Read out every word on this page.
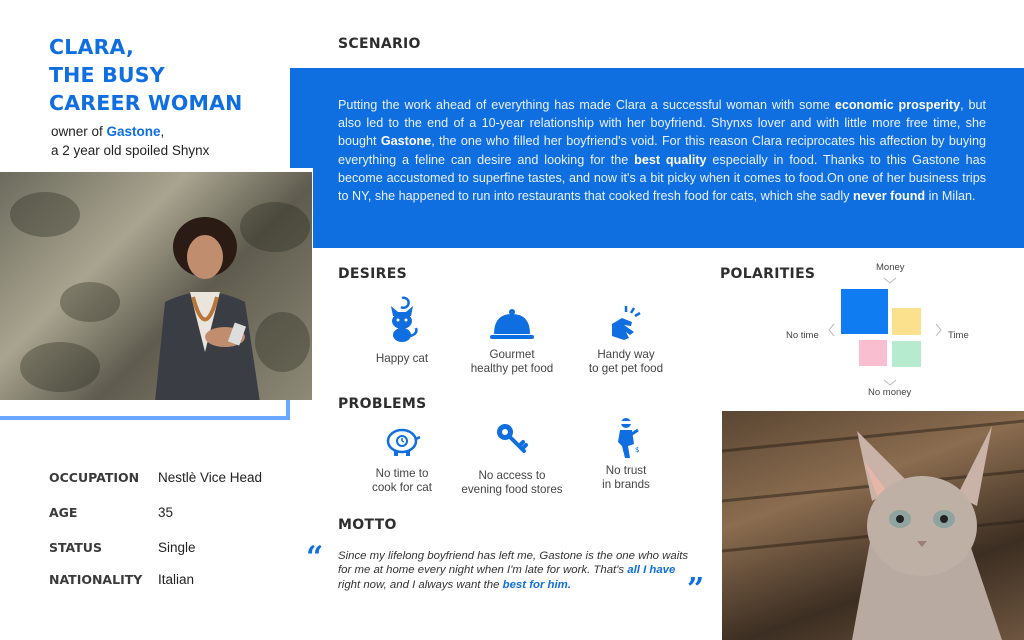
CLARA,
THE BUSY
CAREER WOMAN
owner of Gastone,
a 2 year old spoiled Shynx
OCCUPATION Nestlè Vice Head
AGE	35
STATUS	Single
NATIONALITY Italian
SCENARIO
Putting the work ahead of everything has made Clara a successful woman with some economic prosperity, but also led to the end of a 10-year relationship with her boyfriend. Shynxs lover and with little more free time, she bought Gastone, the one who filled her boyfriend's void. For this reason Clara reciprocates his affection by buying everything a feline can desire and looking for the best quality especially in food. Thanks to this Gastone has become accustomed to superfine tastes, and now it's a bit picky when it comes to food.On one of her business trips to NY, she happened to run into restaurants that cooked fresh food for cats, which she sadly never found in Milan.
DESIRES
Happy cat	Gourmet
healthy pet food
Handy way
to get pet food
PROBLEMS
No time to
cook for cat
No access to
evening food stores
$
No trust
in brands
POLARITIES	Money
No money
No time	Time
MOTTO
“ Since my lifelong boyfriend has left me, Gastone is the one who waits for me at home every night when I'm late for work. That's all I have right now, and I always want the best for him.	”
